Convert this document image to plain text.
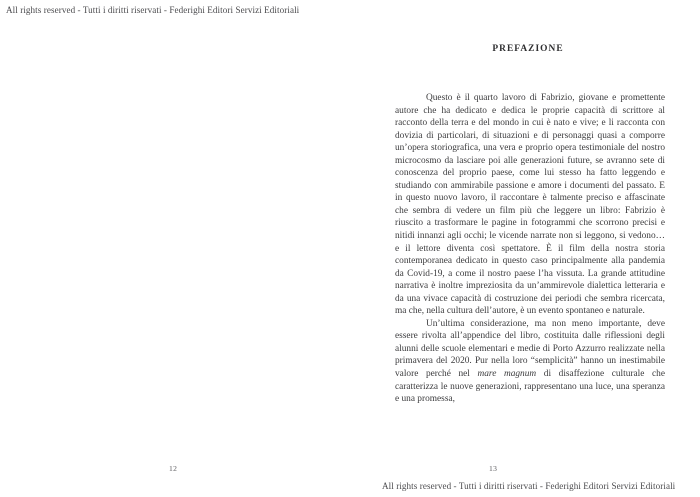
All rights reserved - Tutti i diritti riservati - Federighi Editori Servizi Editoriali
PREFAZIONE

Questo è il quarto lavoro di Fabrizio, giovane e promettente autore che ha dedicato e dedica le proprie capacità di scrittore al racconto della terra e del mondo in cui è nato e vive; e li racconta con dovizia di particolari, di situazioni e di personaggi quasi a comporre un’opera storiografica, una vera e proprio opera testimoniale del nostro microcosmo da lasciare poi alle generazioni future, se avranno sete di conoscenza del proprio paese, come lui stesso ha fatto leggendo e studiando con ammirabile passione e amore i documenti del passato. E in questo nuovo lavoro, il raccontare è talmente preciso e affascinate che sembra di vedere un film più che leggere un libro: Fabrizio è riuscito a trasformare le pagine in fotogrammi che scorrono precisi e nitidi innanzi agli occhi; le vicende narrate non si leggono, si vedono… e il lettore diventa così spettatore. È il film della nostra storia contemporanea dedicato in questo caso principalmente alla pandemia da Covid-19, a come il nostro paese l’ha vissuta. La grande attitudine narrativa è inoltre impreziosita da un’ammirevole dialettica letteraria e da una vivace capacità di costruzione dei periodi che sembra ricercata, ma che, nella cultura dell’autore, è un evento spontaneo e naturale.

Un’ultima considerazione, ma non meno importante, deve essere rivolta all’appendice del libro, costituita dalle riflessioni degli alunni delle scuole elementari e medie di Porto Azzurro realizzate nella primavera del 2020. Pur nella loro “semplicità” hanno un inestimabile valore perché nel mare magnum di disaffezione culturale che caratterizza le nuove generazioni, rappresentano una luce, una speranza e una promessa,

12	13
All rights reserved - Tutti i diritti riservati - Federighi Editori Servizi Editoriali
